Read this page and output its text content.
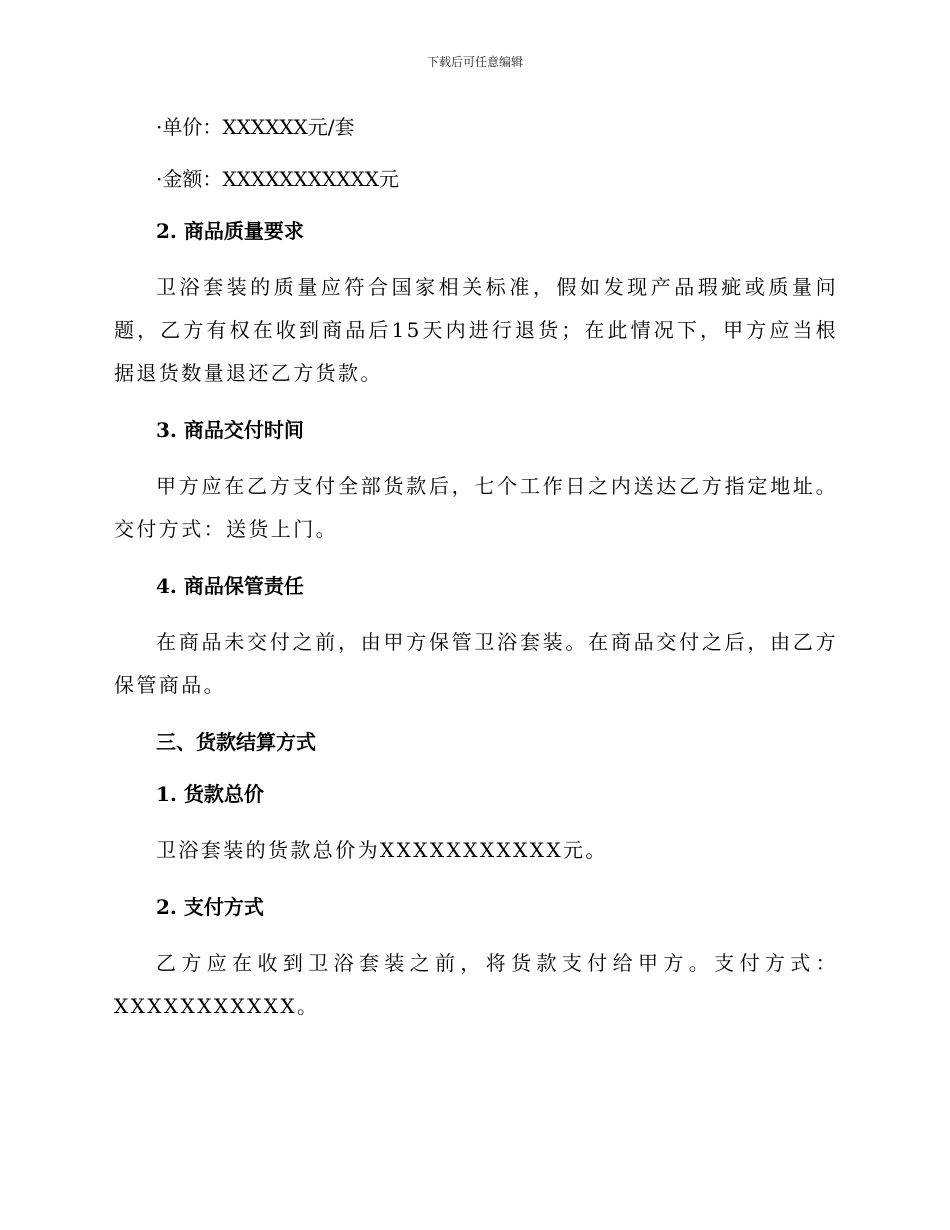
下载后可任意编辑

·单价：XXXXXX元/套

·金额：XXXXXXXXXXX元

2. 商品质量要求

卫浴套装的质量应符合国家相关标准，假如发现产品瑕疵或质量问题，乙方有权在收到商品后15天内进行退货；在此情况下，甲方应当根据退货数量退还乙方货款。

3. 商品交付时间

甲方应在乙方支付全部货款后，七个工作日之内送达乙方指定地址。交付方式：送货上门。

4. 商品保管责任

在商品未交付之前，由甲方保管卫浴套装。在商品交付之后，由乙方保管商品。

三、货款结算方式

1. 货款总价

卫浴套装的货款总价为XXXXXXXXXXX元。

2. 支付方式

乙方应在收到卫浴套装之前，将货款支付给甲方。支付方式：XXXXXXXXXXX。
